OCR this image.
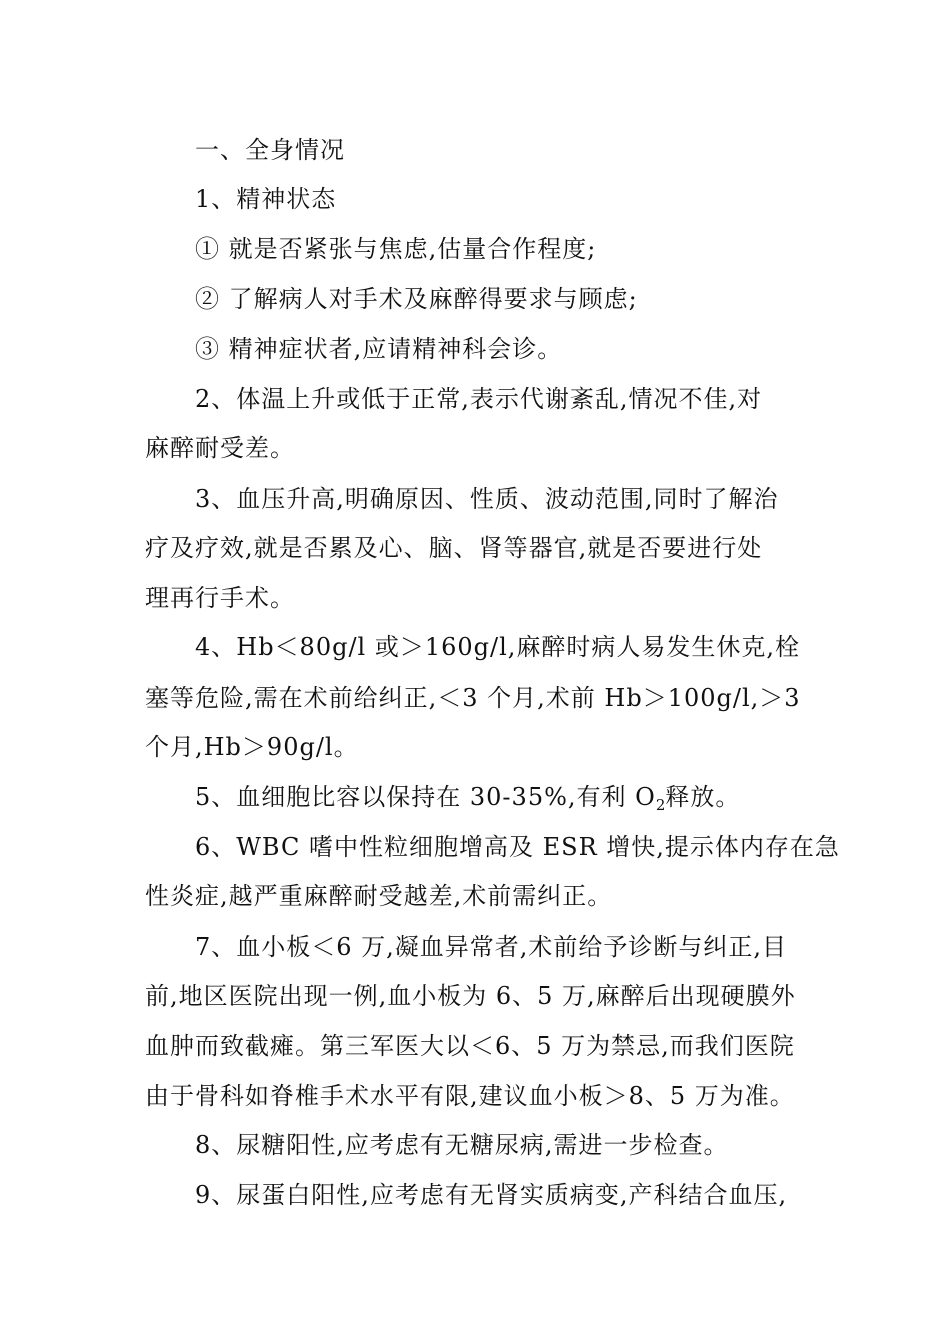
一、全身情况
1、精神状态
① 就是否紧张与焦虑,估量合作程度;
② 了解病人对手术及麻醉得要求与顾虑;
③ 精神症状者,应请精神科会诊。
2、体温上升或低于正常,表示代谢紊乱,情况不佳,对
麻醉耐受差。
3、血压升高,明确原因、性质、波动范围,同时了解治
疗及疗效,就是否累及心、脑、肾等器官,就是否要进行处
理再行手术。
4、Hb＜80g/l 或＞160g/l,麻醉时病人易发生休克,栓
塞等危险,需在术前给纠正,＜3 个月,术前 Hb＞100g/l,＞3
个月,Hb＞90g/l。
5、血细胞比容以保持在 30-35%,有利 $O_2$释放。
6、WBC 嗜中性粒细胞增高及 ESR 增快,提示体内存在急
性炎症,越严重麻醉耐受越差,术前需纠正。
7、血小板＜6 万,凝血异常者,术前给予诊断与纠正,目
前,地区医院出现一例,血小板为 6、5 万,麻醉后出现硬膜外
血肿而致截瘫。第三军医大以＜6、5 万为禁忌,而我们医院
由于骨科如脊椎手术水平有限,建议血小板＞8、5 万为准。
8、尿糖阳性,应考虑有无糖尿病,需进一步检查。
9、尿蛋白阳性,应考虑有无肾实质病变,产科结合血压,
